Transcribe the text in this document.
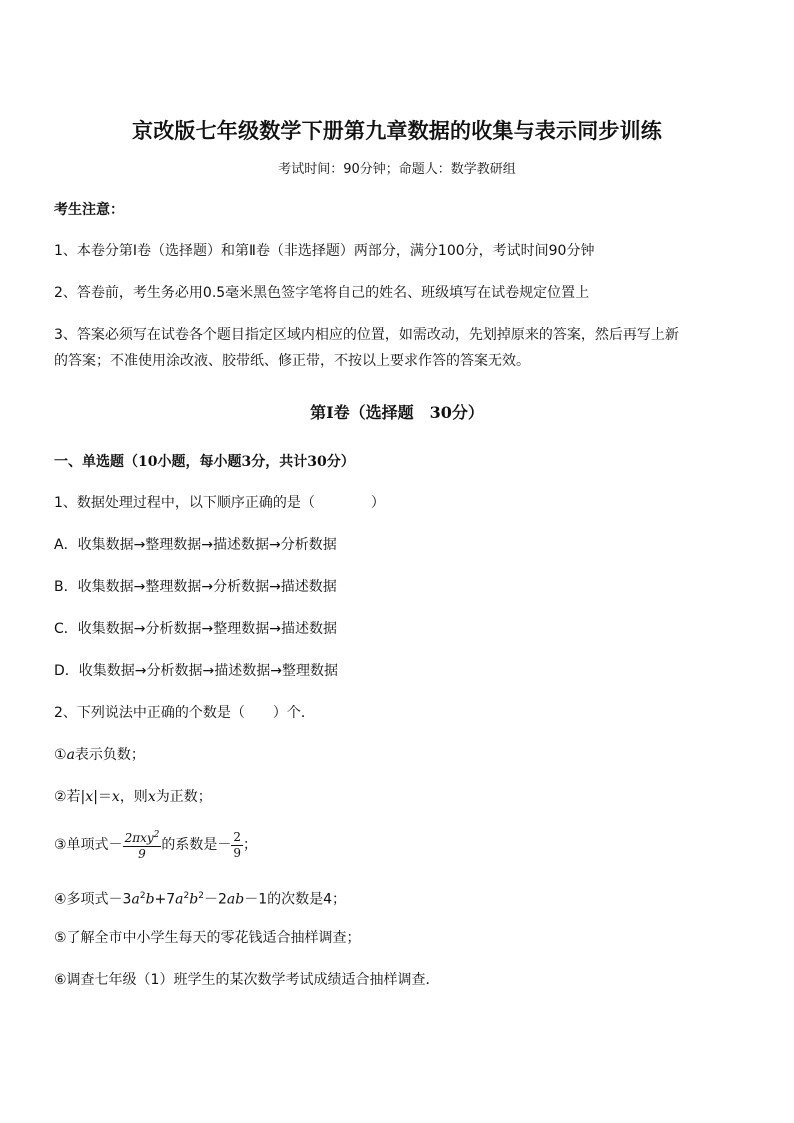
京改版七年级数学下册第九章数据的收集与表示同步训练
考试时间：90分钟；命题人：数学教研组
考生注意：
1、本卷分第Ⅰ卷（选择题）和第Ⅱ卷（非选择题）两部分，满分100分，考试时间90分钟
2、答卷前，考生务必用0.5毫米黑色签字笔将自己的姓名、班级填写在试卷规定位置上
3、答案必须写在试卷各个题目指定区域内相应的位置，如需改动，先划掉原来的答案，然后再写上新
的答案；不准使用涂改液、胶带纸、修正带，不按以上要求作答的答案无效。
第Ⅰ卷（选择题　30分）
一、单选题（10小题，每小题3分，共计30分）
1、数据处理过程中，以下顺序正确的是（　　　　）
A．收集数据→整理数据→描述数据→分析数据
B．收集数据→整理数据→分析数据→描述数据
C．收集数据→分析数据→整理数据→描述数据
D．收集数据→分析数据→描述数据→整理数据
2、下列说法中正确的个数是（　　）个．
①a表示负数；
②若|x|＝x，则x为正数；
③单项式－ $\frac{2\pi xy^2}{9}$ 的系数是－ $\frac{2}{9}$ ；
④多项式$-3a^2b+7a^2b^2-2ab-1$的次数是4；
⑤了解全市中小学生每天的零花钱适合抽样调查；
⑥调查七年级（1）班学生的某次数学考试成绩适合抽样调查．
